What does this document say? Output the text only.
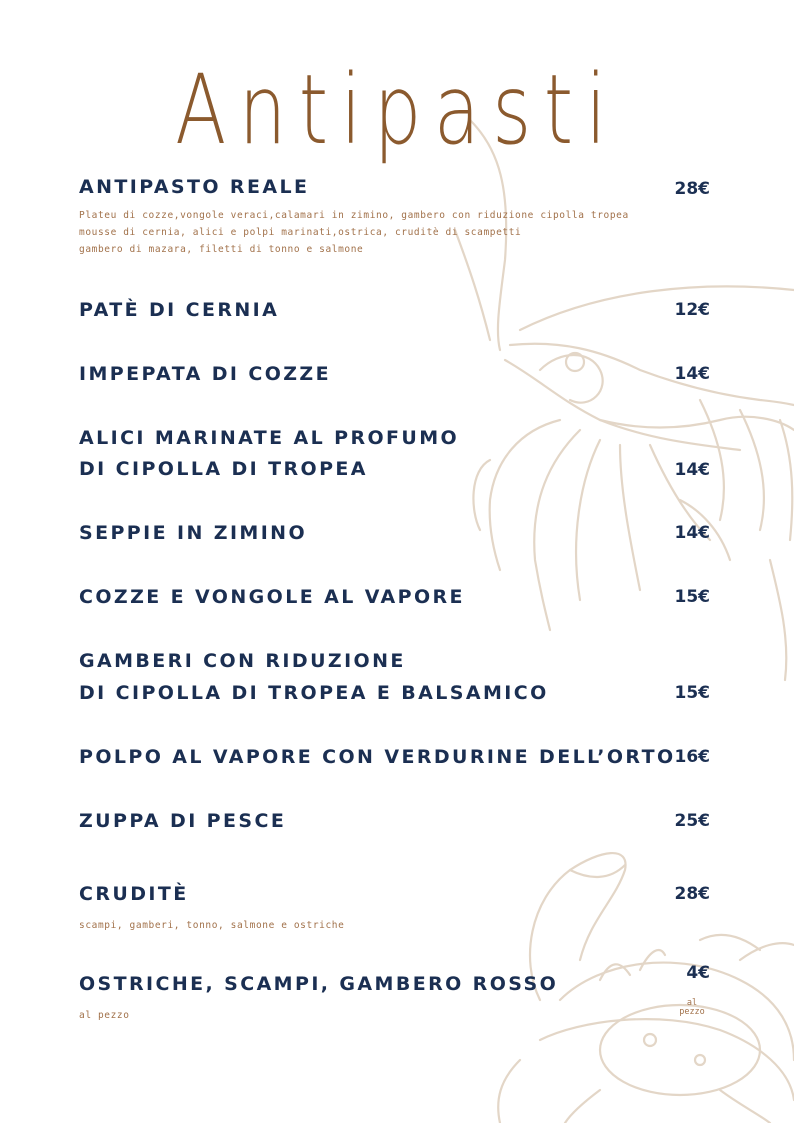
Antipasti
ANTIPASTO REALE	28€
Plateu di cozze,vongole veraci,calamari in zimino, gambero con riduzione cipolla tropea
mousse di cernia, alici e polpi marinati,ostrica, cruditè di scampetti
gambero di mazara, filetti di tonno e salmone
PATÈ DI CERNIA	12€
IMPEPATA DI COZZE	14€
ALICI MARINATE AL PROFUMO
DI CIPOLLA DI TROPEA	14€
SEPPIE IN ZIMINO	14€
COZZE E VONGOLE AL VAPORE	15€
GAMBERI CON RIDUZIONE
DI CIPOLLA DI TROPEA E BALSAMICO	15€
POLPO AL VAPORE CON VERDURINE DELL’ORTO 16€
ZUPPA DI PESCE	25€
CRUDITÈ	28€
scampi, gamberi, tonno, salmone e ostriche
OSTRICHE, SCAMPI, GAMBERO ROSSO	4€
al pezzo
al pezzo
